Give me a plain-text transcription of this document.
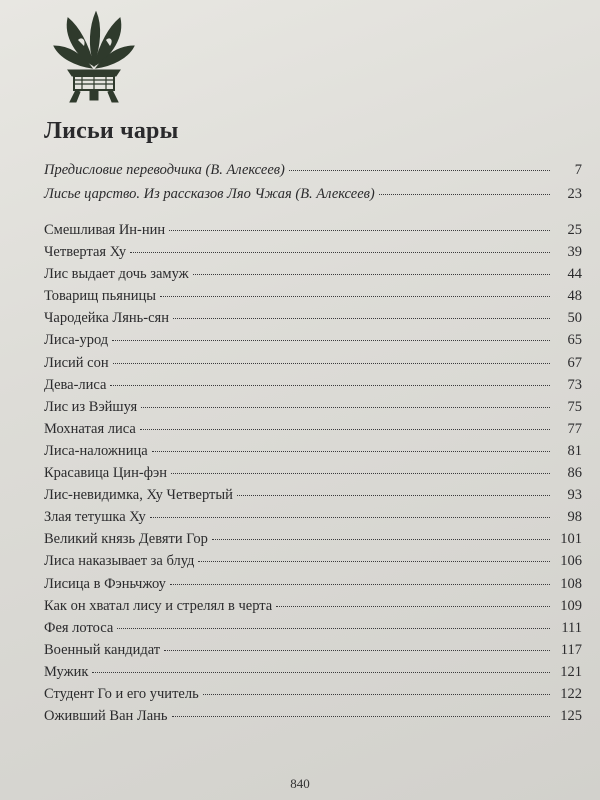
Лисьи чары
Предисловие переводчика (В. Алексеев)	7
Лисье царство. Из рассказов Ляо Чжая (В. Алексеев)	23
Смешливая Ин-нин	25
Четвертая Ху	39
Лис выдает дочь замуж	44
Товарищ пьяницы	48
Чародейка Лянь-сян	50
Лиса-урод	65
Лисий сон	67
Дева-лиса	73
Лис из Вэйшуя	75
Мохнатая лиса	77
Лиса-наложница	81
Красавица Цин-фэн	86
Лис-невидимка, Ху Четвертый	93
Злая тетушка Ху	98
Великий князь Девяти Гор	101
Лиса наказывает за блуд	106
Лисица в Фэньчжоу	108
Как он хватал лису и стрелял в черта	109
Фея лотоса	111
Военный кандидат	117
Мужик	121
Студент Го и его учитель	122
Оживший Ван Лань	125
840
